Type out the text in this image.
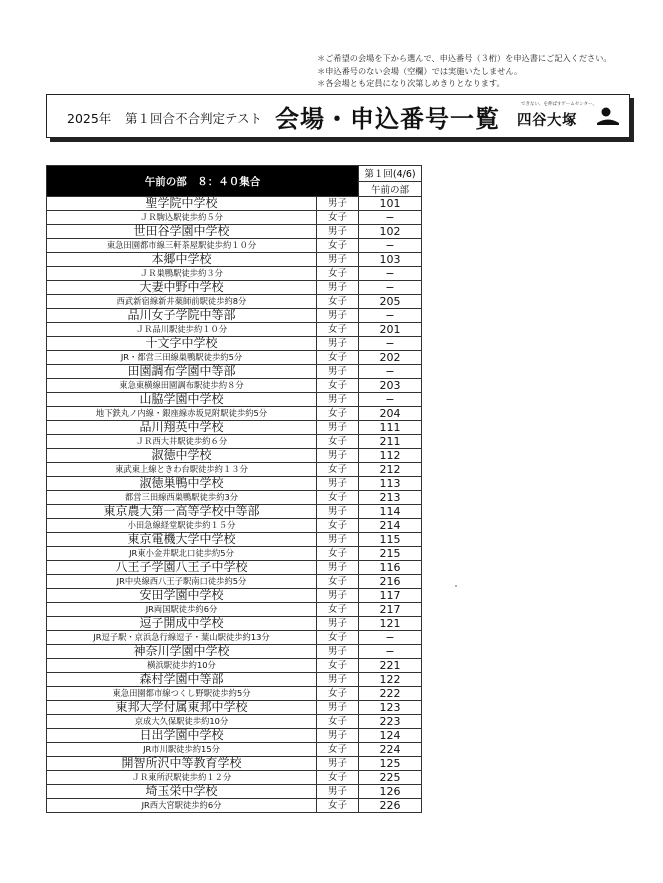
＊ご希望の会場を下から選んで、申込番号（３桁）を申込書にご記入ください。
＊申込番号のない会場（空欄）では実施いたしません。
＊各会場とも定員になり次第しめきりとなります。
2025年 第１回合不合判定テスト 会場・申込番号一覧
できない、を伸ばすゲームセンター。
四谷大塚
午前の部　８：４０集合		第１回(4/6)
		午前の部

聖学院中学校	男子	101

ＪＲ駒込駅徒歩約５分	女子	−

世田谷学園中学校	男子	102

東急田園都市線三軒茶屋駅徒歩約１０分	女子	−

本郷中学校	男子	103

ＪＲ巣鴨駅徒歩約３分	女子	−

大妻中野中学校	男子	−

西武新宿線新井薬師前駅徒歩約8分	女子	205

品川女子学院中等部	男子	−

ＪＲ品川駅徒歩約１０分	女子	201

十文字中学校	男子	−

JR・都営三田線巣鴨駅徒歩約5分	女子	202

田園調布学園中等部	男子	−

東急東横線田園調布駅徒歩約８分	女子	203

山脇学園中学校	男子	−

地下鉄丸ノ内線・銀座線赤坂見附駅徒歩約5分	女子	204

品川翔英中学校	男子	111

ＪＲ西大井駅徒歩約６分	女子	211

淑徳中学校	男子	112

東武東上線ときわ台駅徒歩約１３分	女子	212

淑徳巣鴨中学校	男子	113

都営三田線西巣鴨駅徒歩約3分	女子	213

東京農大第一高等学校中等部	男子	114

小田急線経堂駅徒歩約１５分	女子	214

東京電機大学中学校	男子	115

JR東小金井駅北口徒歩約5分	女子	215

八王子学園八王子中学校	男子	116

JR中央線西八王子駅南口徒歩約5分	女子	216

安田学園中学校	男子	117

JR両国駅徒歩約6分	女子	217

逗子開成中学校	男子	121

JR逗子駅・京浜急行線逗子・葉山駅徒歩約13分	女子	−

神奈川学園中学校	男子	−

横浜駅徒歩約10分	女子	221

森村学園中等部	男子	122

東急田園都市線つくし野駅徒歩約5分	女子	222

東邦大学付属東邦中学校	男子	123

京成大久保駅徒歩約10分	女子	223

日出学園中学校	男子	124

JR市川駅徒歩約15分	女子	224

開智所沢中等教育学校	男子	125

ＪＲ東所沢駅徒歩約１２分	女子	225

埼玉栄中学校	男子	126

JR西大宮駅徒歩約6分	女子	226
